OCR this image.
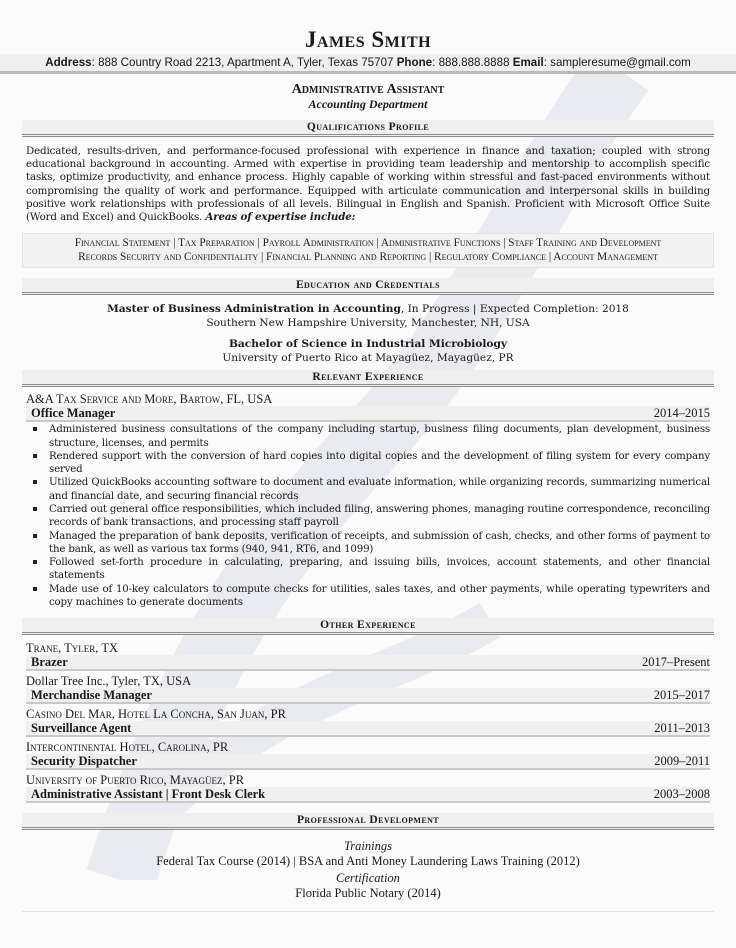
James Smith
Address: 888 Country Road 2213, Apartment A, Tyler, Texas 75707 Phone: 888.888.8888 Email: sampleresume@gmail.com
Administrative Assistant
Accounting Department
Qualifications Profile
Dedicated, results-driven, and performance-focused professional with experience in finance and taxation; coupled with strong educational background in accounting. Armed with expertise in providing team leadership and mentorship to accomplish specific tasks, optimize productivity, and enhance process. Highly capable of working within stressful and fast-paced environments without compromising the quality of work and performance. Equipped with articulate communication and interpersonal skills in building positive work relationships with professionals of all levels. Bilingual in English and Spanish. Proficient with Microsoft Office Suite (Word and Excel) and QuickBooks. Areas of expertise include:
Financial Statement | Tax Preparation | Payroll Administration | Administrative Functions | Staff Training and Development
Records Security and Confidentiality | Financial Planning and Reporting | Regulatory Compliance | Account Management
Education and Credentials
Master of Business Administration in Accounting, In Progress | Expected Completion: 2018
Southern New Hampshire University, Manchester, NH, USA
Bachelor of Science in Industrial Microbiology
University of Puerto Rico at Mayagüez, Mayagüez, PR
Relevant Experience
A&A Tax Service and More, Bartow, FL, USA
Office Manager	2014–2015
Administered business consultations of the company including startup, business filing documents, plan development, business structure, licenses, and permits
Rendered support with the conversion of hard copies into digital copies and the development of filing system for every company served
Utilized QuickBooks accounting software to document and evaluate information, while organizing records, summarizing numerical and financial date, and securing financial records
Carried out general office responsibilities, which included filing, answering phones, managing routine correspondence, reconciling records of bank transactions, and processing staff payroll
Managed the preparation of bank deposits, verification of receipts, and submission of cash, checks, and other forms of payment to the bank, as well as various tax forms (940, 941, RT6, and 1099)
Followed set-forth procedure in calculating, preparing, and issuing bills, invoices, account statements, and other financial statements
Made use of 10-key calculators to compute checks for utilities, sales taxes, and other payments, while operating typewriters and copy machines to generate documents
Other Experience
Trane, Tyler, TX
Brazer	2017–Present
Dollar Tree Inc., Tyler, TX, USA
Merchandise Manager	2015–2017
Casino Del Mar, Hotel La Concha, San Juan, PR
Surveillance Agent	2011–2013
Intercontinental Hotel, Carolina, PR
Security Dispatcher	2009–2011
University of Puerto Rico, Mayagüez, PR
Administrative Assistant | Front Desk Clerk	2003–2008
Professional Development
Trainings
Federal Tax Course (2014) | BSA and Anti Money Laundering Laws Training (2012)
Certification
Florida Public Notary (2014)
